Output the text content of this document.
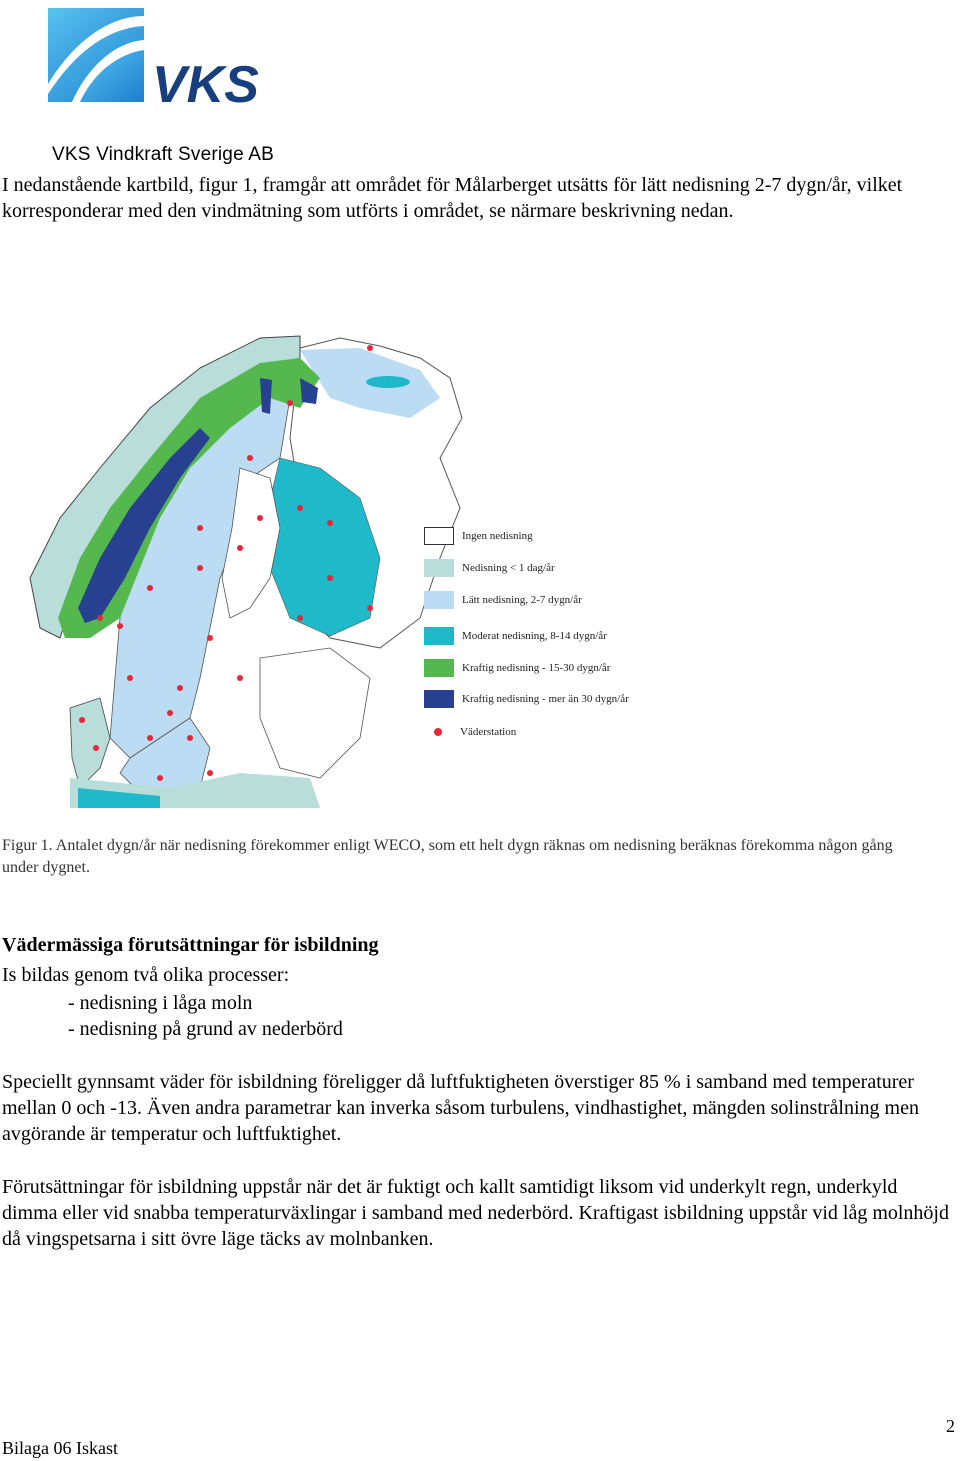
VKS
VKS Vindkraft Sverige AB

I nedanstående kartbild, figur 1, framgår att området för Målarberget utsätts för lätt nedisning 2-7 dygn/år, vilket korresponderar med den vindmätning som utförts i området, se närmare beskrivning nedan.

Ingen nedisning
Nedisning < 1 dag/år
Lätt nedisning, 2-7 dygn/år
Moderat nedisning, 8-14 dygn/år
Kraftig nedisning - 15-30 dygn/år
Kraftig nedisning - mer än 30 dygn/år
Väderstation

Figur 1. Antalet dygn/år när nedisning förekommer enligt WECO, som ett helt dygn räknas om nedisning beräknas förekomma någon gång under dygnet.

Vädermässiga förutsättningar för isbildning

Is bildas genom två olika processer:

- nedisning i låga moln
- nedisning på grund av nederbörd

Speciellt gynnsamt väder för isbildning föreligger då luftfuktigheten överstiger 85 % i samband med temperaturer mellan 0 och -13. Även andra parametrar kan inverka såsom turbulens, vindhastighet, mängden solinstrålning men avgörande är temperatur och luftfuktighet.

Förutsättningar för isbildning uppstår när det är fuktigt och kallt samtidigt liksom vid underkylt regn, underkyld dimma eller vid snabba temperaturväxlingar i samband med nederbörd. Kraftigast isbildning uppstår vid låg molnhöjd då vingspetsarna i sitt övre läge täcks av molnbanken.

Bilaga 06 Iskast
2
